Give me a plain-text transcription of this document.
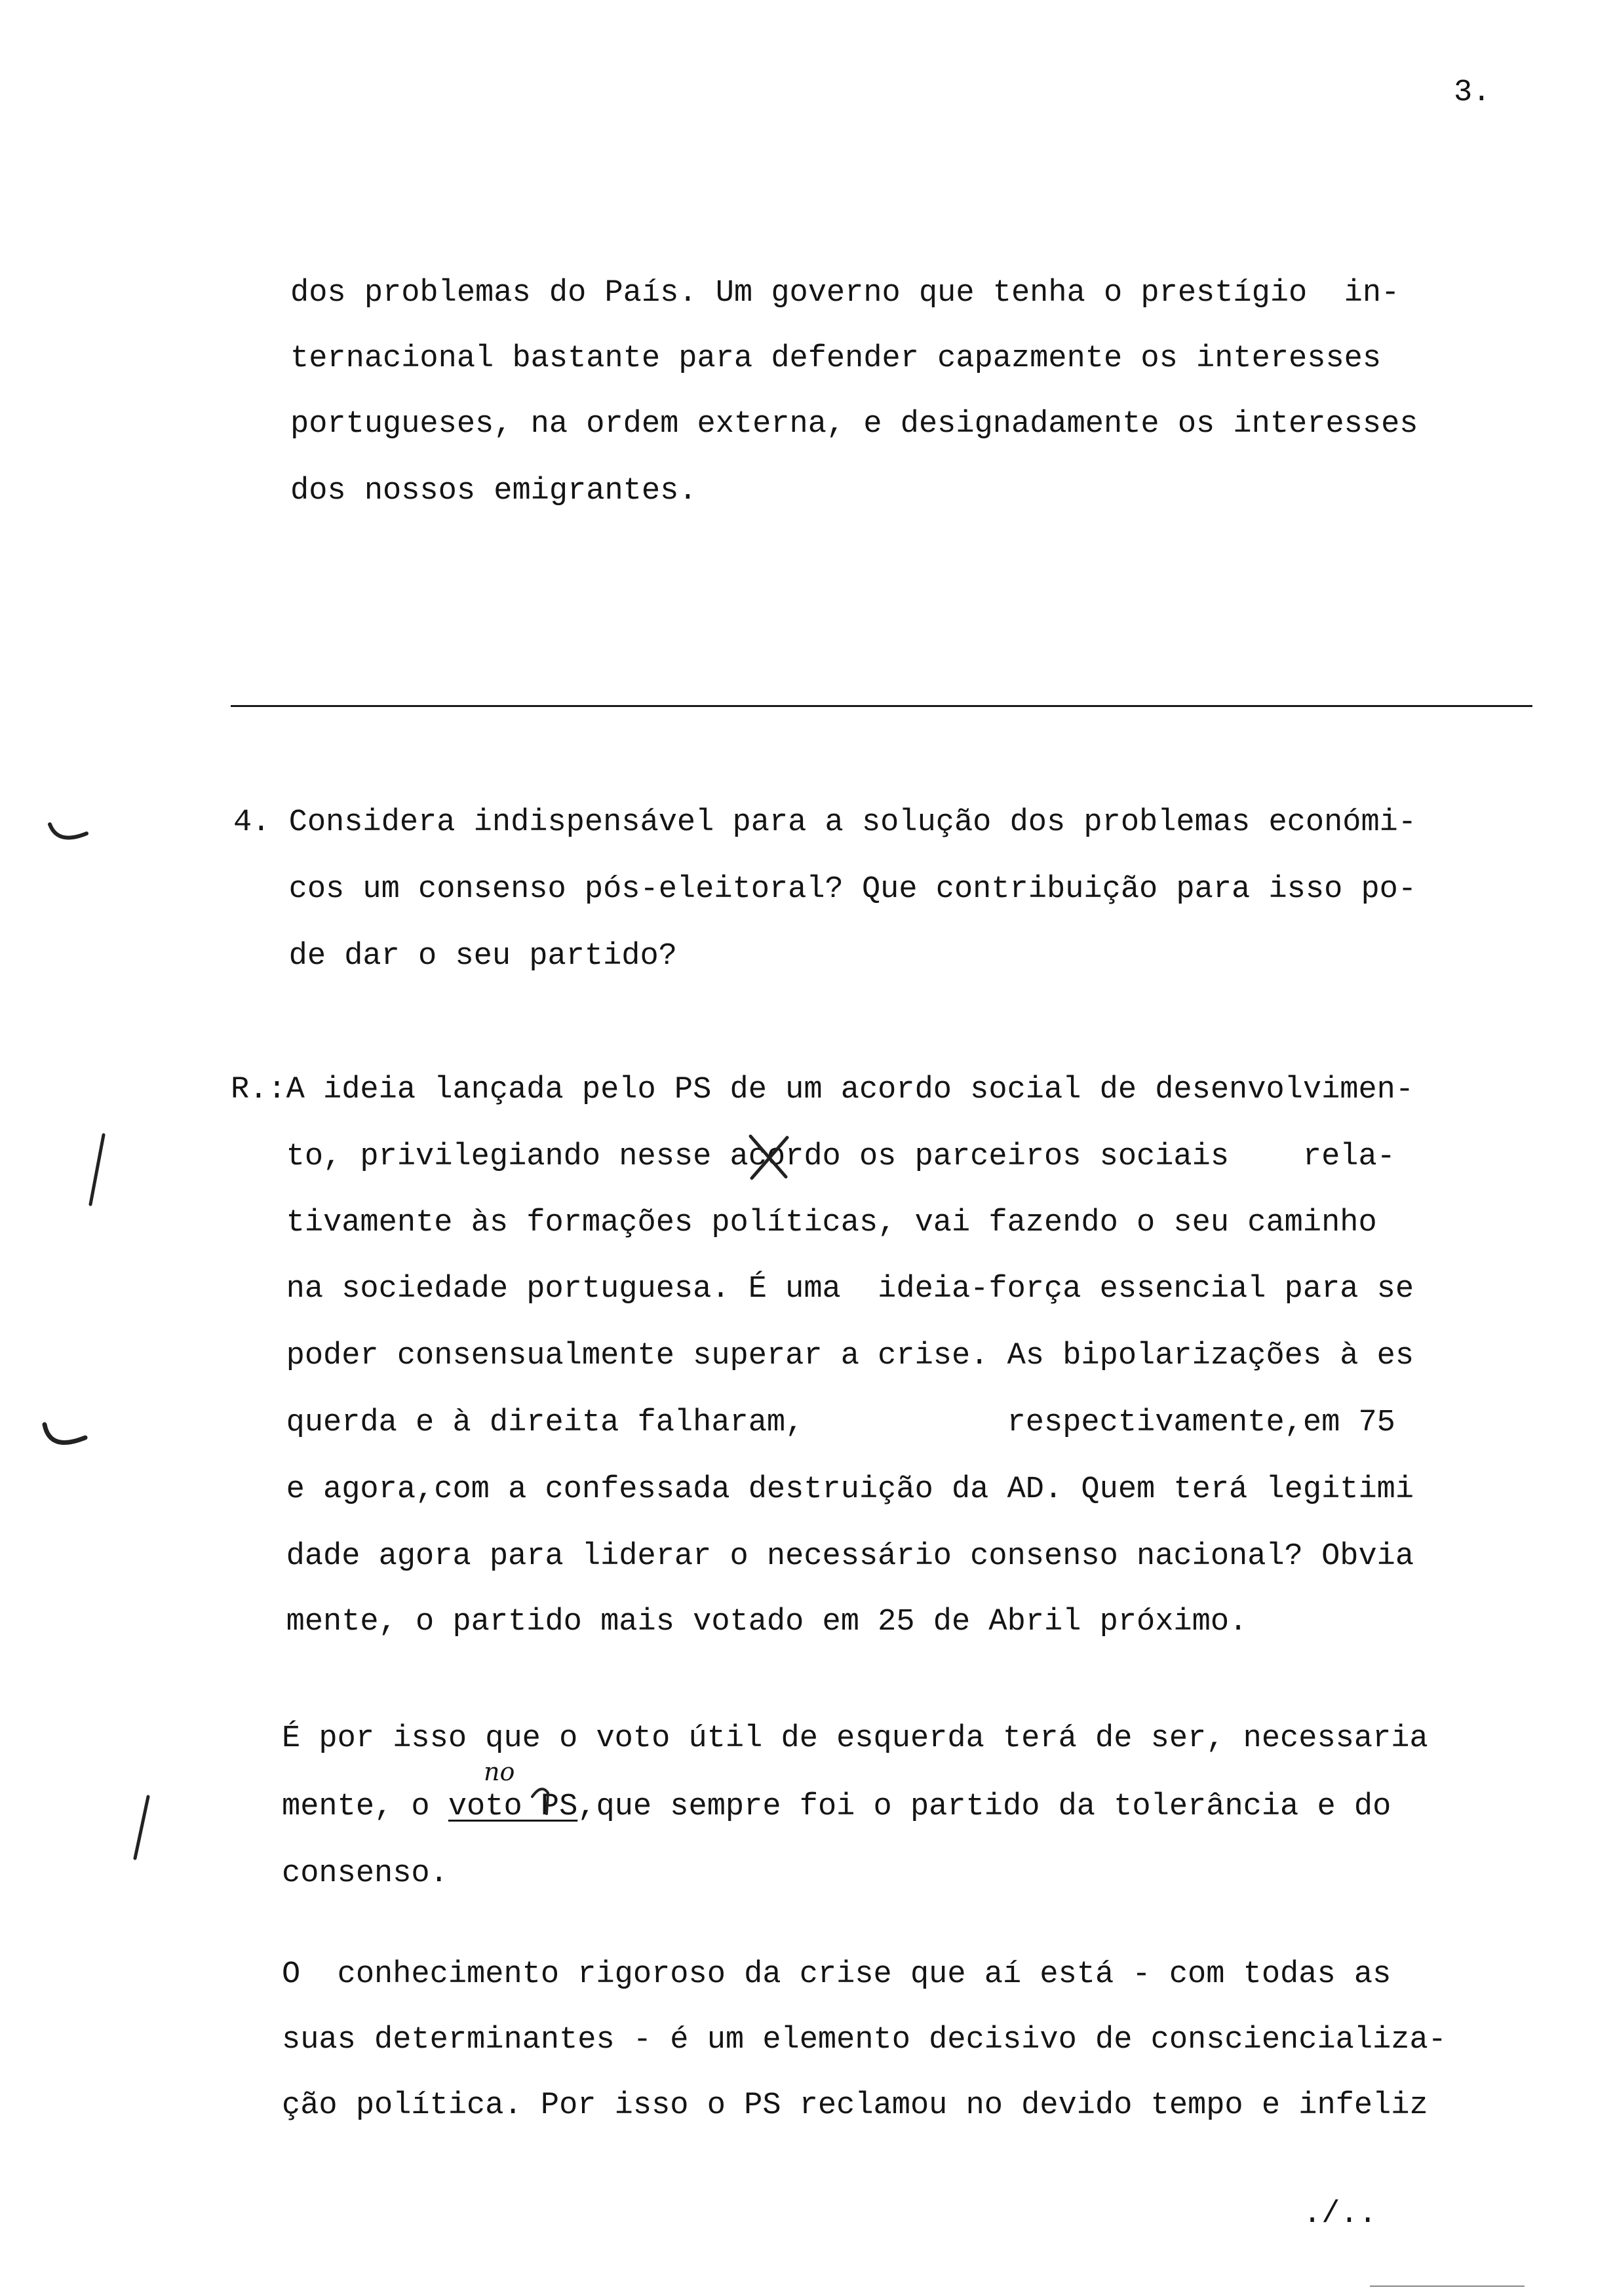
3.
dos problemas do País. Um governo que tenha o prestígio  in-
ternacional bastante para defender capazmente os interesses
portugueses, na ordem externa, e designadamente os interesses
dos nossos emigrantes.
4. Considera indispensável para a solução dos problemas económi-
cos um consenso pós-eleitoral? Que contribuição para isso po-
de dar o seu partido?
R.:A ideia lançada pelo PS de um acordo social de desenvolvimen-
to, privilegiando nesse acordo os parceiros sociais    rela-
tivamente às formações políticas, vai fazendo o seu caminho
na sociedade portuguesa. É uma  ideia-força essencial para se
poder consensualmente superar a crise. As bipolarizações à es
querda e à direita falharam,           respectivamente,em 75
e agora,com a confessada destruição da AD. Quem terá legitimi
dade agora para liderar o necessário consenso nacional? Obvia
mente, o partido mais votado em 25 de Abril próximo.
É por isso que o voto útil de esquerda terá de ser, necessaria
mente, o voto PS,que sempre foi o partido da tolerância e do
no
consenso.
O  conhecimento rigoroso da crise que aí está - com todas as
suas determinantes - é um elemento decisivo de consciencializa-
ção política. Por isso o PS reclamou no devido tempo e infeliz
./..
